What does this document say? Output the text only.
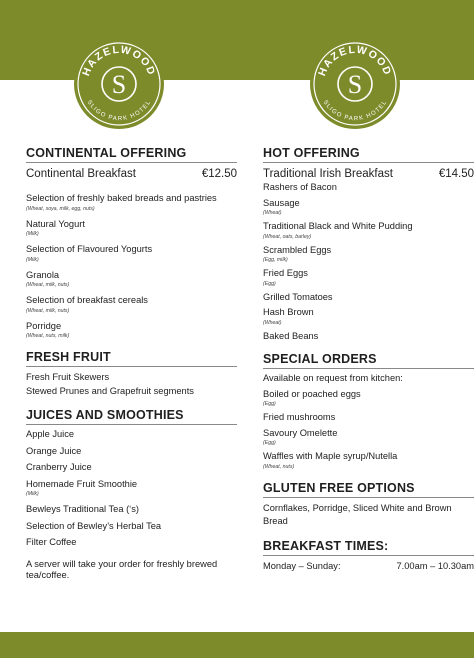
S
HAZELWOOD
SLIGO PARK HOTEL
S
HAZELWOOD
SLIGO PARK HOTEL
CONTINENTAL OFFERING
Continental Breakfast	€12.50
Selection of freshly baked breads and pastries
(Wheat, soya, milk, egg, nuts)
Natural Yogurt
(Milk)
Selection of Flavoured Yogurts
(Milk)
Granola
(Wheat, milk, nuts)
Selection of breakfast cereals
(Wheat, milk, nuts)
Porridge
(Wheat, nuts, milk)
FRESH FRUIT
Fresh Fruit Skewers
Stewed Prunes and Grapefruit segments
JUICES AND SMOOTHIES
Apple Juice
Orange Juice
Cranberry Juice
Homemade Fruit Smoothie
(Milk)
Bewleys Traditional Tea (‘s)
Selection of Bewley’s Herbal Tea
Filter Coffee
A server will take your order for freshly brewed tea/coffee.
HOT OFFERING
Traditional Irish Breakfast	€14.50
Rashers of Bacon
Sausage
(Wheat)
Traditional Black and White Pudding
(Wheat, oats, barley)
Scrambled Eggs
(Egg, milk)
Fried Eggs
(Egg)
Grilled Tomatoes
Hash Brown
(Wheat)
Baked Beans
SPECIAL ORDERS
Available on request from kitchen:
Boiled or poached eggs
(Egg)
Fried mushrooms
Savoury Omelette
(Egg)
Waffles with Maple syrup/Nutella
(Wheat, nuts)
GLUTEN FREE OPTIONS
Cornflakes, Porridge, Sliced White and Brown Bread
BREAKFAST TIMES:
Monday – Sunday:	7.00am – 10.30am
